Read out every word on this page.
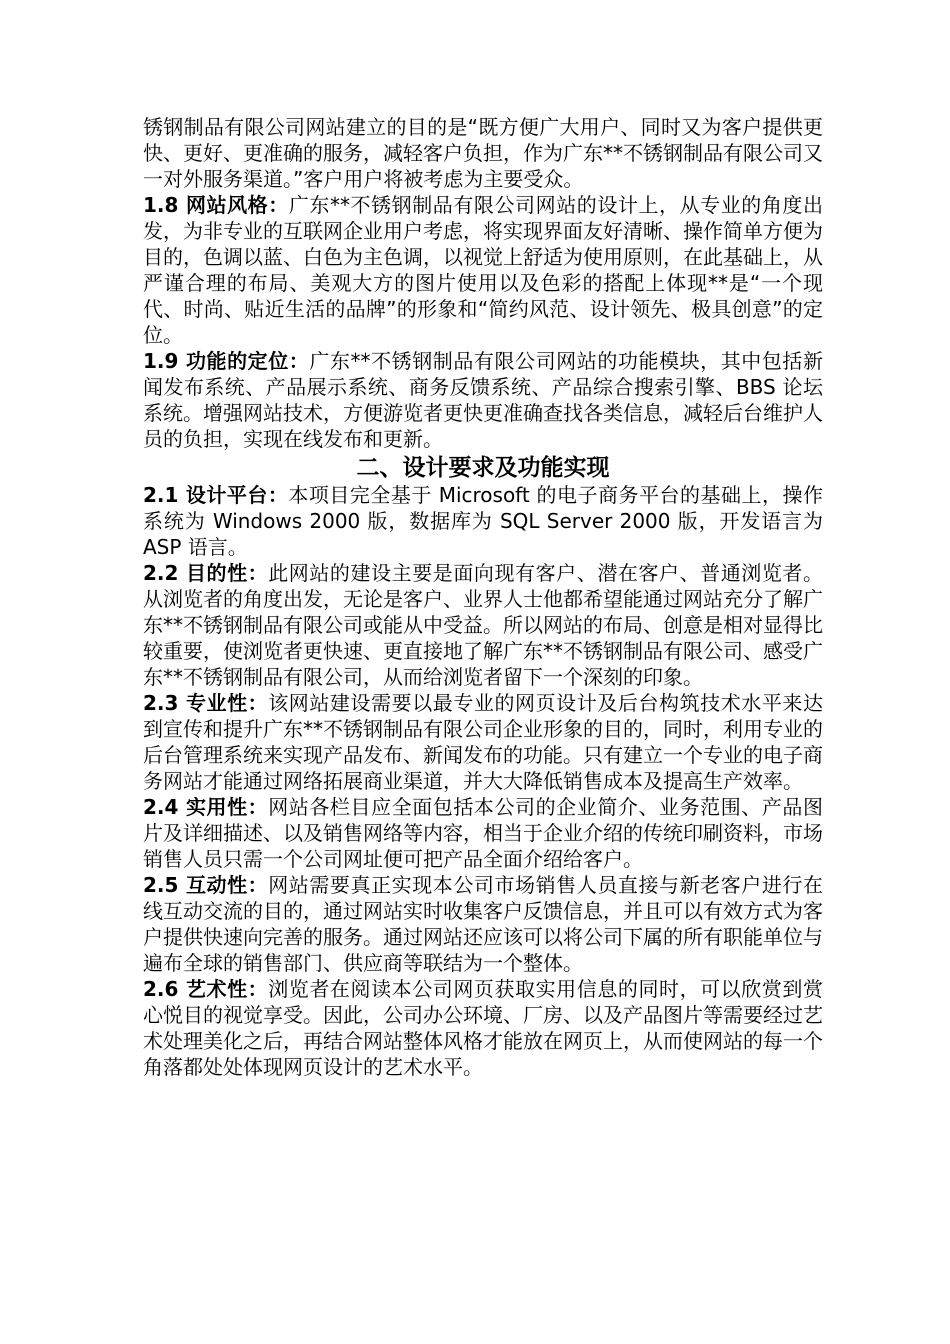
锈钢制品有限公司网站建立的目的是“既方便广大用户、同时又为客户提供更快、更好、更准确的服务，减轻客户负担，作为广东**不锈钢制品有限公司又一对外服务渠道。”客户用户将被考虑为主要受众。

1.8 网站风格：广东**不锈钢制品有限公司网站的设计上，从专业的角度出发，为非专业的互联网企业用户考虑，将实现界面友好清晰、操作简单方便为目的，色调以蓝、白色为主色调，以视觉上舒适为使用原则，在此基础上，从严谨合理的布局、美观大方的图片使用以及色彩的搭配上体现**是“一个现代、时尚、贴近生活的品牌”的形象和“简约风范、设计领先、极具创意”的定位。

1.9 功能的定位：广东**不锈钢制品有限公司网站的功能模块，其中包括新闻发布系统、产品展示系统、商务反馈系统、产品综合搜索引擎、BBS 论坛系统。增强网站技术，方便游览者更快更准确查找各类信息，减轻后台维护人员的负担，实现在线发布和更新。

二、设计要求及功能实现

2.1 设计平台：本项目完全基于 Microsoft 的电子商务平台的基础上，操作系统为 Windows 2000 版，数据库为 SQL Server 2000 版，开发语言为 ASP 语言。

2.2 目的性：此网站的建设主要是面向现有客户、潜在客户、普通浏览者。从浏览者的角度出发，无论是客户、业界人士他都希望能通过网站充分了解广东**不锈钢制品有限公司或能从中受益。所以网站的布局、创意是相对显得比较重要，使浏览者更快速、更直接地了解广东**不锈钢制品有限公司、感受广东**不锈钢制品有限公司，从而给浏览者留下一个深刻的印象。

2.3 专业性：该网站建设需要以最专业的网页设计及后台构筑技术水平来达到宣传和提升广东**不锈钢制品有限公司企业形象的目的，同时，利用专业的后台管理系统来实现产品发布、新闻发布的功能。只有建立一个专业的电子商务网站才能通过网络拓展商业渠道，并大大降低销售成本及提高生产效率。

2.4 实用性：网站各栏目应全面包括本公司的企业简介、业务范围、产品图片及详细描述、以及销售网络等内容，相当于企业介绍的传统印刷资料，市场销售人员只需一个公司网址便可把产品全面介绍给客户。

2.5 互动性：网站需要真正实现本公司市场销售人员直接与新老客户进行在线互动交流的目的，通过网站实时收集客户反馈信息，并且可以有效方式为客户提供快速向完善的服务。通过网站还应该可以将公司下属的所有职能单位与遍布全球的销售部门、供应商等联结为一个整体。

2.6 艺术性：浏览者在阅读本公司网页获取实用信息的同时，可以欣赏到赏心悦目的视觉享受。因此，公司办公环境、厂房、以及产品图片等需要经过艺术处理美化之后，再结合网站整体风格才能放在网页上，从而使网站的每一个角落都处处体现网页设计的艺术水平。
